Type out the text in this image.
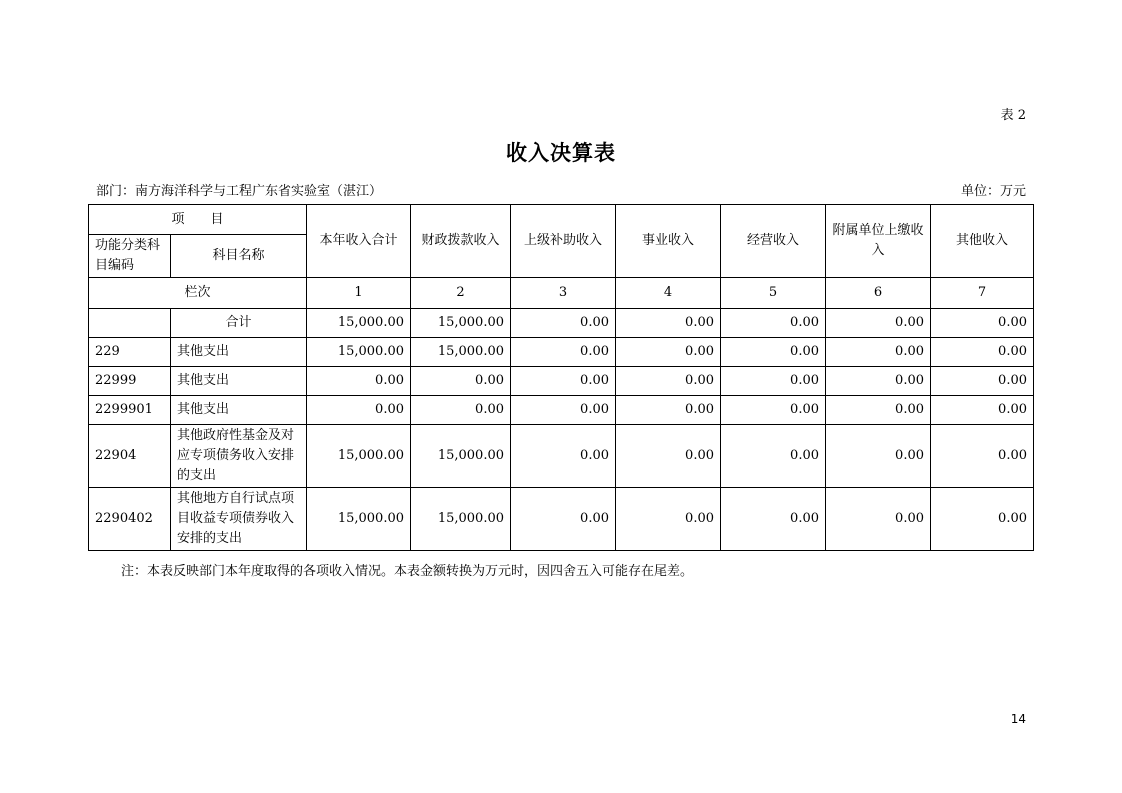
表 2
收入决算表
部门：南方海洋科学与工程广东省实验室（湛江）	单位：万元
项　　目		本年收入合计	财政拨款收入	上级补助收入	事业收入	经营收入	附属单位上缴收入	其他收入
功能分类科目编码	科目名称							
栏次		1	2	3	4	5	6	7
	合计	15,000.00	15,000.00	0.00	0.00	0.00	0.00	0.00
229	其他支出	15,000.00	15,000.00	0.00	0.00	0.00	0.00	0.00
22999	其他支出	0.00	0.00	0.00	0.00	0.00	0.00	0.00
2299901	其他支出	0.00	0.00	0.00	0.00	0.00	0.00	0.00
22904	其他政府性基金及对应专项债务收入安排的支出	15,000.00	15,000.00	0.00	0.00	0.00	0.00	0.00
2290402	其他地方自行试点项目收益专项债券收入安排的支出	15,000.00	15,000.00	0.00	0.00	0.00	0.00	0.00
注：本表反映部门本年度取得的各项收入情况。本表金额转换为万元时，因四舍五入可能存在尾差。
14
